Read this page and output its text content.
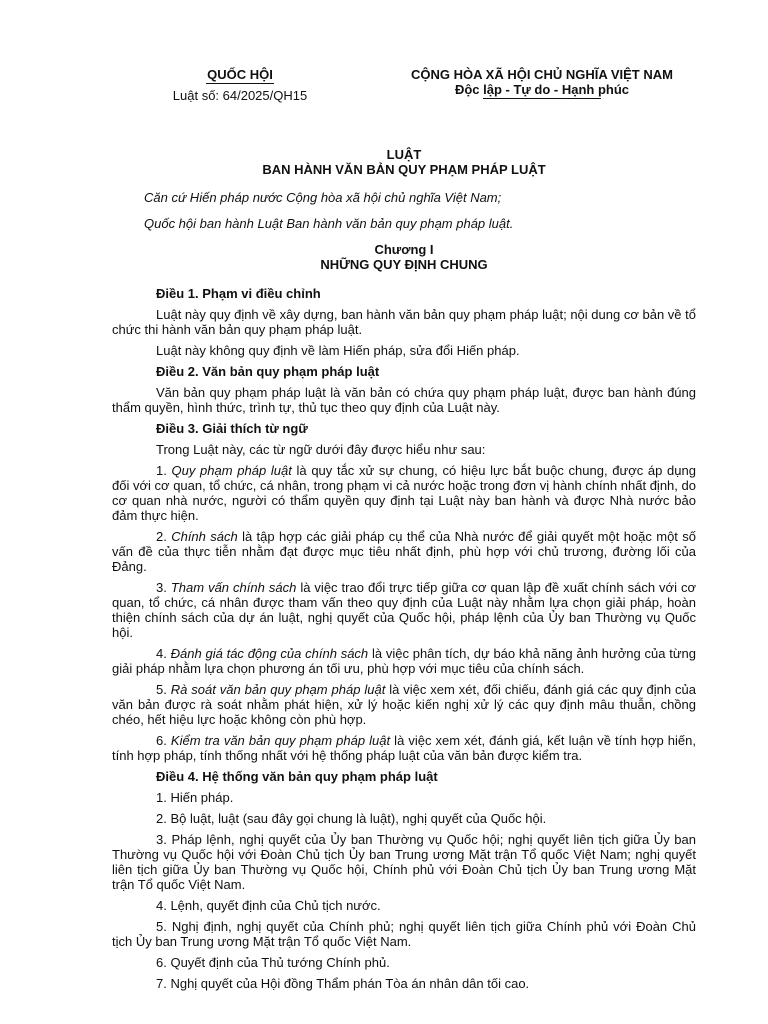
QUỐC HỘI
Luật số: 64/2025/QH15
CỘNG HÒA XÃ HỘI CHỦ NGHĨA VIỆT NAM
Độc lập - Tự do - Hạnh phúc
LUẬT
BAN HÀNH VĂN BẢN QUY PHẠM PHÁP LUẬT

Căn cứ Hiến pháp nước Cộng hòa xã hội chủ nghĩa Việt Nam;

Quốc hội ban hành Luật Ban hành văn bản quy phạm pháp luật.

Chương I
NHỮNG QUY ĐỊNH CHUNG

Điều 1. Phạm vi điều chỉnh

Luật này quy định về xây dựng, ban hành văn bản quy phạm pháp luật; nội dung cơ bản về tổ chức thi hành văn bản quy phạm pháp luật.

Luật này không quy định về làm Hiến pháp, sửa đổi Hiến pháp.

Điều 2. Văn bản quy phạm pháp luật

Văn bản quy phạm pháp luật là văn bản có chứa quy phạm pháp luật, được ban hành đúng thẩm quyền, hình thức, trình tự, thủ tục theo quy định của Luật này.

Điều 3. Giải thích từ ngữ

Trong Luật này, các từ ngữ dưới đây được hiểu như sau:

1. Quy phạm pháp luật là quy tắc xử sự chung, có hiệu lực bắt buộc chung, được áp dụng đối với cơ quan, tổ chức, cá nhân, trong phạm vi cả nước hoặc trong đơn vị hành chính nhất định, do cơ quan nhà nước, người có thẩm quyền quy định tại Luật này ban hành và được Nhà nước bảo đảm thực hiện.

2. Chính sách là tập hợp các giải pháp cụ thể của Nhà nước để giải quyết một hoặc một số vấn đề của thực tiễn nhằm đạt được mục tiêu nhất định, phù hợp với chủ trương, đường lối của Đảng.

3. Tham vấn chính sách là việc trao đổi trực tiếp giữa cơ quan lập đề xuất chính sách với cơ quan, tổ chức, cá nhân được tham vấn theo quy định của Luật này nhằm lựa chọn giải pháp, hoàn thiện chính sách của dự án luật, nghị quyết của Quốc hội, pháp lệnh của Ủy ban Thường vụ Quốc hội.

4. Đánh giá tác động của chính sách là việc phân tích, dự báo khả năng ảnh hưởng của từng giải pháp nhằm lựa chọn phương án tối ưu, phù hợp với mục tiêu của chính sách.

5. Rà soát văn bản quy phạm pháp luật là việc xem xét, đối chiếu, đánh giá các quy định của văn bản được rà soát nhằm phát hiện, xử lý hoặc kiến nghị xử lý các quy định mâu thuẫn, chồng chéo, hết hiệu lực hoặc không còn phù hợp.

6. Kiểm tra văn bản quy phạm pháp luật là việc xem xét, đánh giá, kết luận về tính hợp hiến, tính hợp pháp, tính thống nhất với hệ thống pháp luật của văn bản được kiểm tra.

Điều 4. Hệ thống văn bản quy phạm pháp luật

1. Hiến pháp.

2. Bộ luật, luật (sau đây gọi chung là luật), nghị quyết của Quốc hội.

3. Pháp lệnh, nghị quyết của Ủy ban Thường vụ Quốc hội; nghị quyết liên tịch giữa Ủy ban Thường vụ Quốc hội với Đoàn Chủ tịch Ủy ban Trung ương Mặt trận Tổ quốc Việt Nam; nghị quyết liên tịch giữa Ủy ban Thường vụ Quốc hội, Chính phủ với Đoàn Chủ tịch Ủy ban Trung ương Mặt trận Tổ quốc Việt Nam.

4. Lệnh, quyết định của Chủ tịch nước.

5. Nghị định, nghị quyết của Chính phủ; nghị quyết liên tịch giữa Chính phủ với Đoàn Chủ tịch Ủy ban Trung ương Mặt trận Tổ quốc Việt Nam.

6. Quyết định của Thủ tướng Chính phủ.

7. Nghị quyết của Hội đồng Thẩm phán Tòa án nhân dân tối cao.
